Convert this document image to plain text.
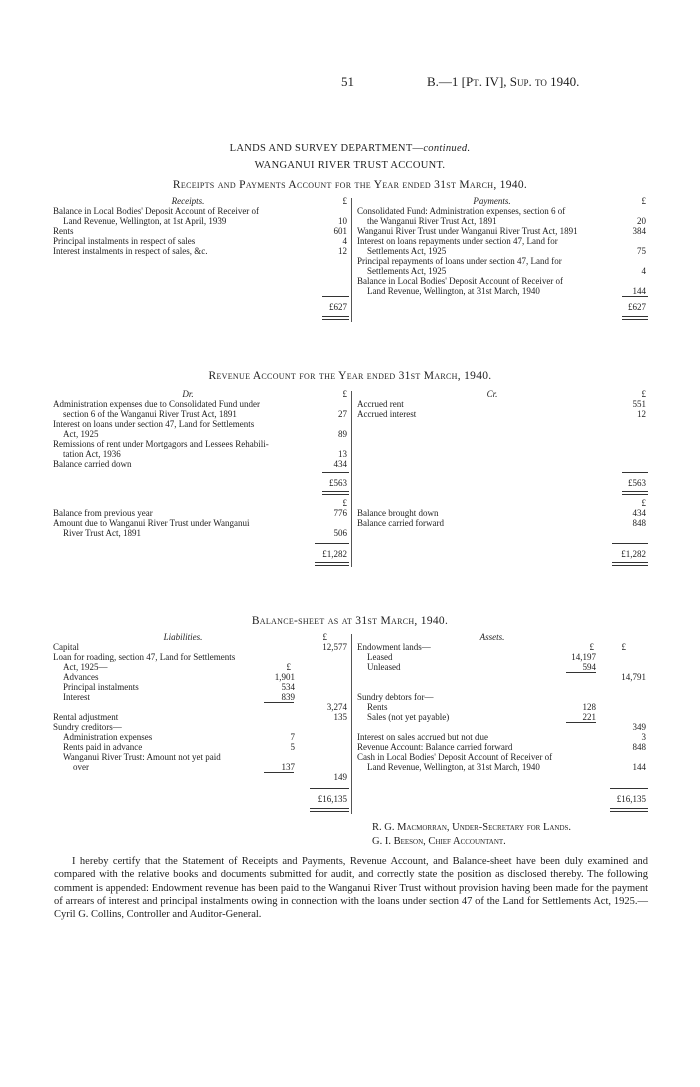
51	B.—1 [Pt. IV], Sup. to 1940.
LANDS AND SURVEY DEPARTMENT—continued.
WANGANUI RIVER TRUST ACCOUNT.
Receipts and Payments Account for the Year ended 31st March, 1940.
Receipts.	£
Balance in Local Bodies' Deposit Account of Receiver of
Land Revenue, Wellington, at 1st April, 1939	10
Rents	601
Principal instalments in respect of sales	4
Interest instalments in respect of sales, &c.	12
£627
Payments.	£
Consolidated Fund: Administration expenses, section 6 of
the Wanganui River Trust Act, 1891	20
Wanganui River Trust under Wanganui River Trust Act, 1891	384
Interest on loans repayments under section 47, Land for
Settlements Act, 1925	75
Principal repayments of loans under section 47, Land for
Settlements Act, 1925	4
Balance in Local Bodies' Deposit Account of Receiver of
Land Revenue, Wellington, at 31st March, 1940	144
£627
Revenue Account for the Year ended 31st March, 1940.
Dr.	£
Administration expenses due to Consolidated Fund under
section 6 of the Wanganui River Trust Act, 1891	27
Interest on loans under section 47, Land for Settlements
Act, 1925	89
Remissions of rent under Mortgagors and Lessees Rehabili-
tation Act, 1936	13
Balance carried down	434
£563
Cr.	£
Accrued rent	551
Accrued interest	12
£563
£
Balance from previous year	776
Amount due to Wanganui River Trust under Wanganui
River Trust Act, 1891	506
£1,282
£
Balance brought down	434
Balance carried forward	848
£1,282
Balance-sheet as at 31st March, 1940.
Liabilities.	£
Capital	12,577
Loan for roading, section 47, Land for Settlements
Act, 1925—	£
Advances	1,901
Principal instalments	534
Interest	839
3,274
Rental adjustment	135
Sundry creditors—
Administration expenses	7
Rents paid in advance	5
Wanganui River Trust: Amount not yet paid
over	137
149
£16,135
Assets.
Endowment lands—	£	£
Leased	14,197
Unleased	594
14,791
Sundry debtors for—
Rents	128
Sales (not yet payable)	221
349
Interest on sales accrued but not due	3
Revenue Account: Balance carried forward	848
Cash in Local Bodies' Deposit Account of Receiver of
Land Revenue, Wellington, at 31st March, 1940	144
£16,135
R. G. Macmorran, Under-Secretary for Lands.
G. I. Beeson, Chief Accountant.
I hereby certify that the Statement of Receipts and Payments, Revenue Account, and Balance-sheet have been duly examined and compared with the relative books and documents submitted for audit, and correctly state the position as disclosed thereby. The following comment is appended: Endowment revenue has been paid to the Wanganui River Trust without provision having been made for the payment of arrears of interest and principal instalments owing in connection with the loans under section 47 of the Land for Settlements Act, 1925.—Cyril G. Collins, Controller and Auditor-General.
